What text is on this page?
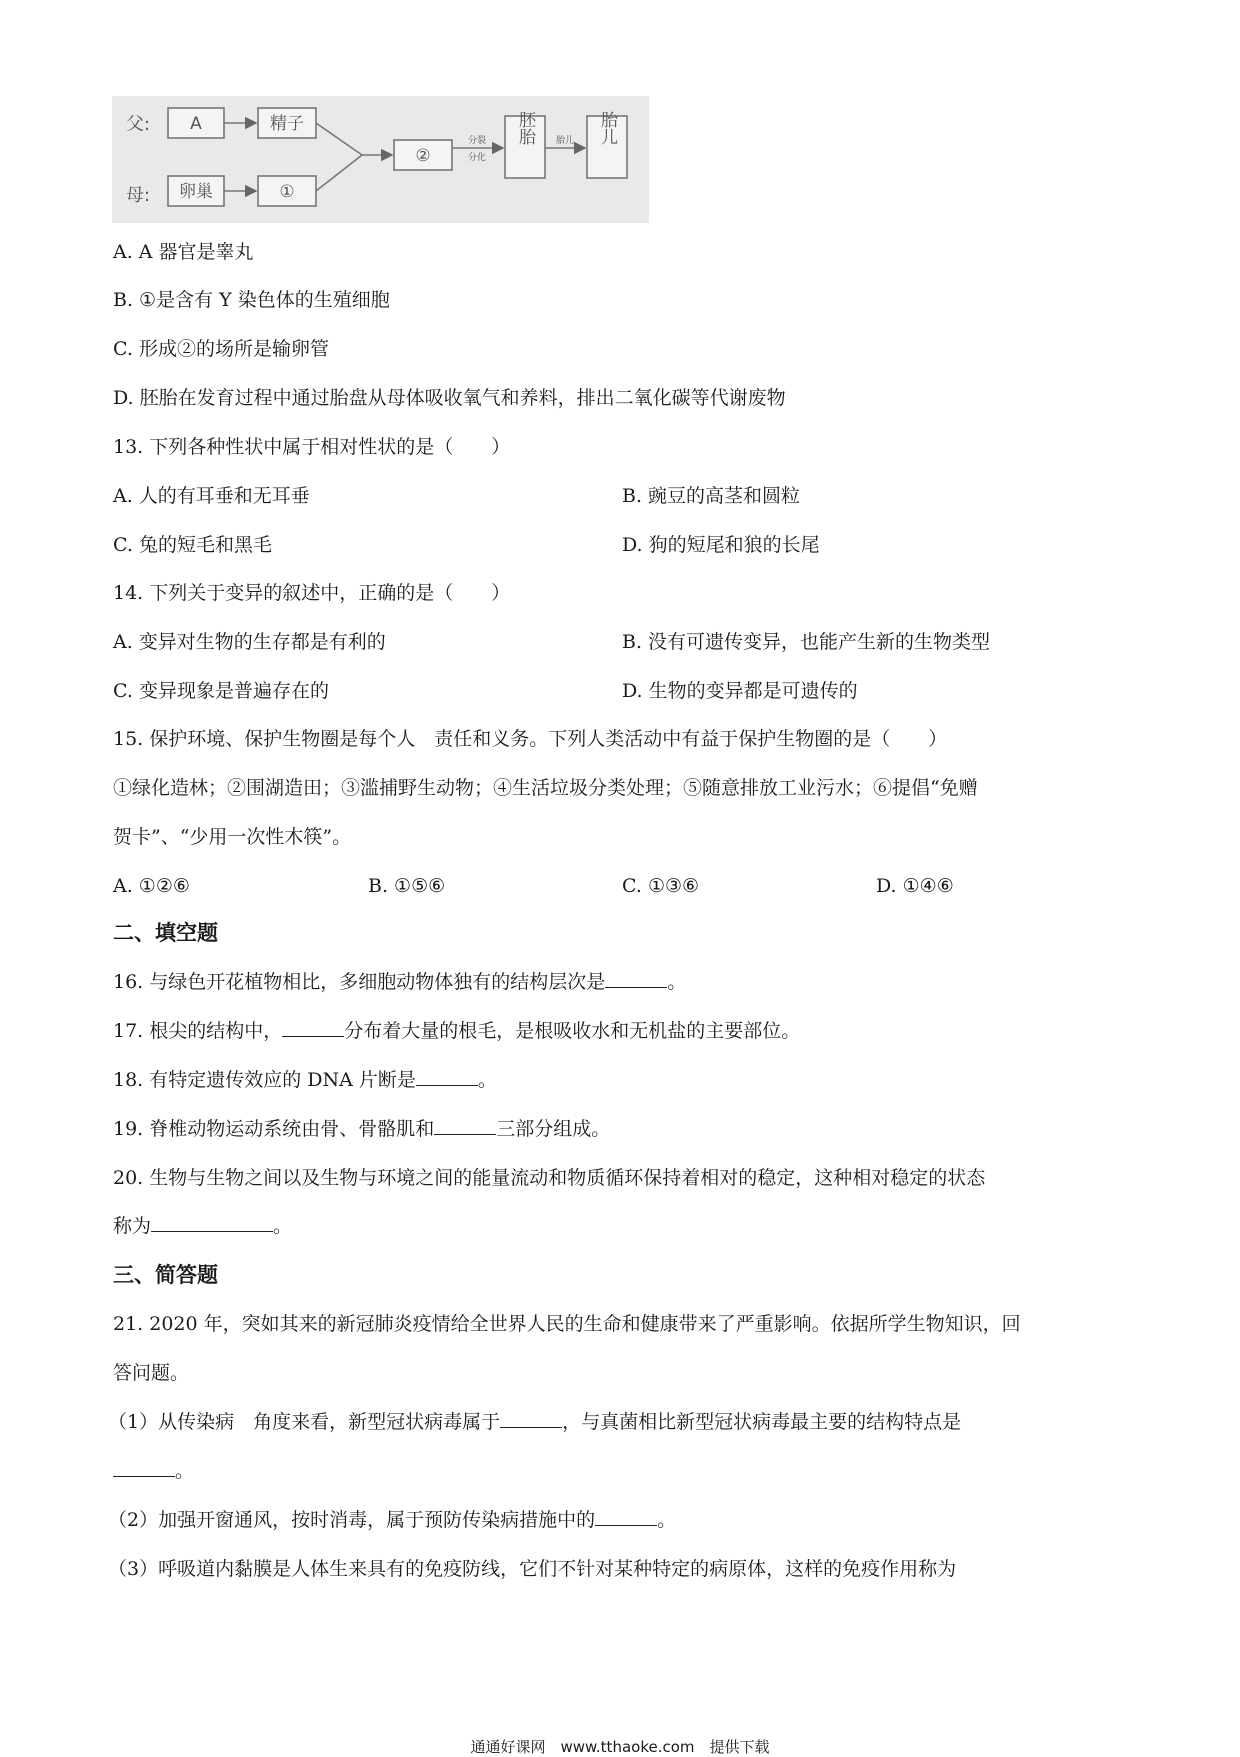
父:
母:
A	精子
卵巢	①
②
分裂
分化
胎儿
胚胎	胎儿
A. A 器官是睾丸
B. ①是含有 Y 染色体的生殖细胞
C. 形成②的场所是输卵管
D. 胚胎在发育过程中通过胎盘从母体吸收氧气和养料，排出二氧化碳等代谢废物
13. 下列各种性状中属于相对性状的是（　　）
A. 人的有耳垂和无耳垂	B. 豌豆的高茎和圆粒
C. 兔的短毛和黑毛	D. 狗的短尾和狼的长尾
14. 下列关于变异的叙述中，正确的是（　　）
A. 变异对生物的生存都是有利的	B. 没有可遗传变异，也能产生新的生物类型
C. 变异现象是普遍存在的	D. 生物的变异都是可遗传的
15. 保护环境、保护生物圈是每个人　责任和义务。下列人类活动中有益于保护生物圈的是（　　）
①绿化造林；②围湖造田；③滥捕野生动物；④生活垃圾分类处理；⑤随意排放工业污水；⑥提倡“免赠
贺卡”、“少用一次性木筷”。
A. ①②⑥	B. ①⑤⑥	C. ①③⑥	D. ①④⑥
二、填空题
16. 与绿色开花植物相比，多细胞动物体独有的结构层次是	。
17. 根尖的结构中，	分布着大量的根毛，是根吸收水和无机盐的主要部位。
18. 有特定遗传效应的 DNA 片断是	。
19. 脊椎动物运动系统由骨、骨骼肌和	三部分组成。
20. 生物与生物之间以及生物与环境之间的能量流动和物质循环保持着相对的稳定，这种相对稳定的状态
称为	。
三、简答题
21. 2020 年，突如其来的新冠肺炎疫情给全世界人民的生命和健康带来了严重影响。依据所学生物知识，回
答问题。
（1）从传染病　角度来看，新型冠状病毒属于	，与真菌相比新型冠状病毒最主要的结构特点是
。
（2）加强开窗通风，按时消毒，属于预防传染病措施中的	。
（3）呼吸道内黏膜是人体生来具有的免疫防线，它们不针对某种特定的病原体，这样的免疫作用称为
通通好课网　www.tthaoke.com　提供下载
